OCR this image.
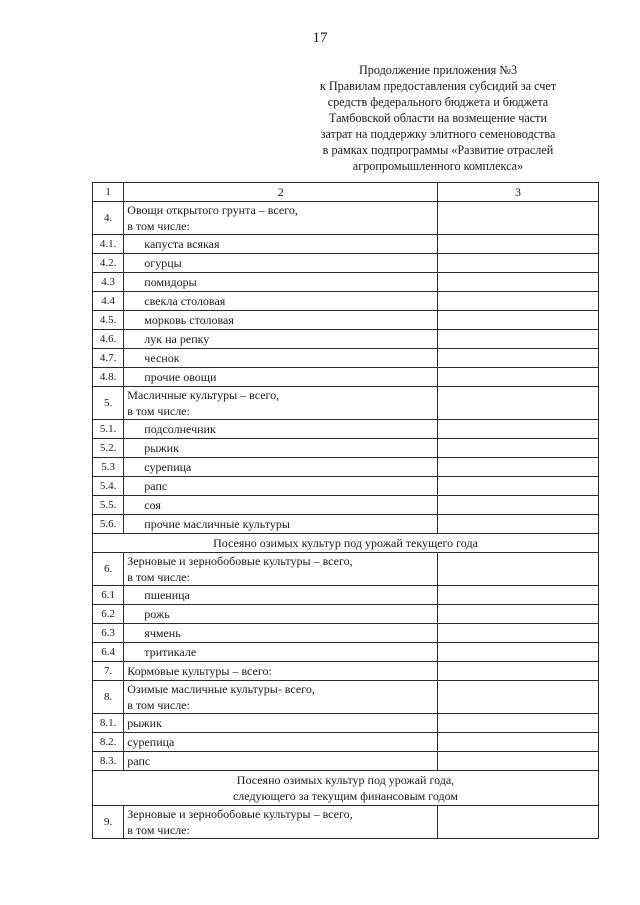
17
Продолжение приложения №3
к Правилам предоставления субсидий за счет
средств федерального бюджета и бюджета
Тамбовской области на возмещение части
затрат на поддержку элитного семеноводства
в рамках подпрограммы «Развитие отраслей
агропромышленного комплекса»
1	2	3
4.	Овощи открытого грунта – всего,
в том числе:	

4.1.	капуста всякая	
4.2.	огурцы	
4.3	помидоры	
4.4	свекла столовая	
4.5.	морковь столовая	
4.6.	лук на репку	
4.7.	чеснок	
4.8.	прочие овощи	
5.	Масличные культуры – всего,
в том числе:	

5.1.	подсолнечник	
5.2.	рыжик	
5.3	сурепица	
5.4.	рапс	
5.5.	соя	
5.6.	прочие масличные культуры	

Посеяно озимых культур под урожай текущего года		

6.	Зерновые и зернобобовые культуры – всего,
в том числе:	

6.1	пшеница	
6.2	рожь	
6.3	ячмень	
6.4	тритикале	
7.	Кормовые культуры – всего:	
8.	Озимые масличные культуры- всего,
в том числе:	

8.1.	рыжик	
8.2.	сурепица	
8.3.	рапс	

Посеяно озимых культур под урожай года,
следующего за текущим финансовым годом		

9.	Зерновые и зернобобовые культуры – всего,
в том числе:	
